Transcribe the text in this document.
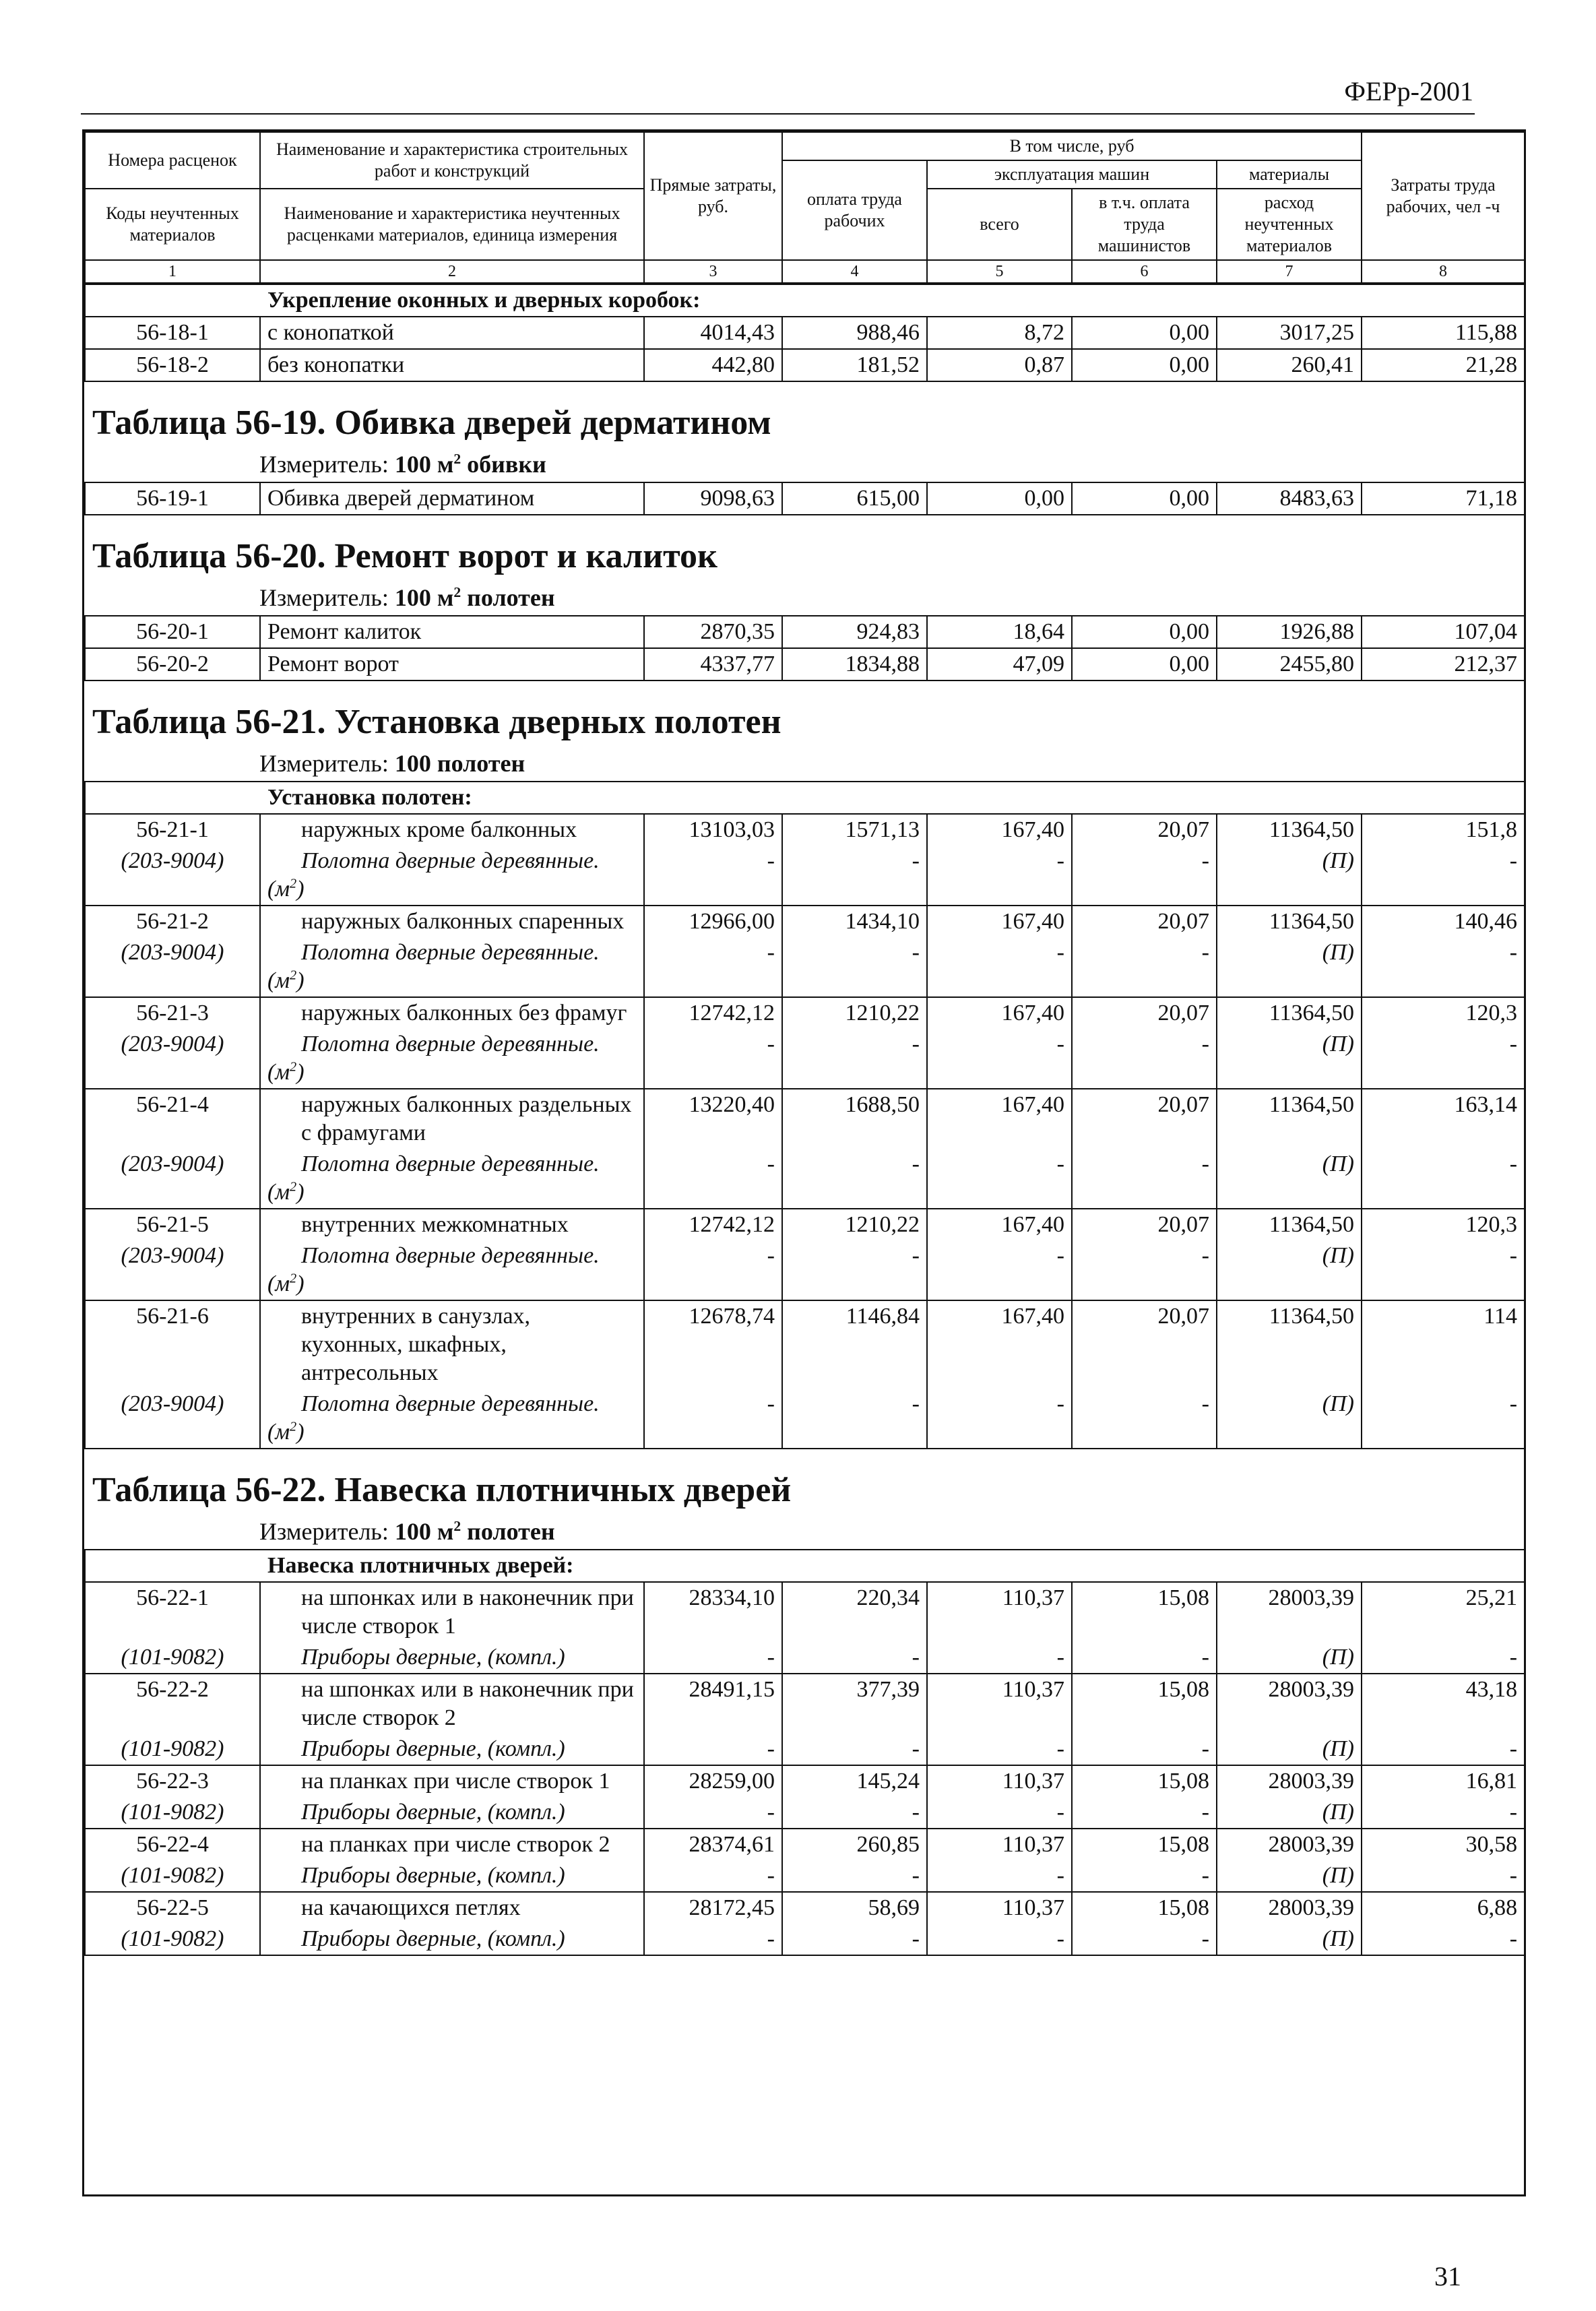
ФЕРр-2001
Номера расценок	Наименование и характеристика строительных работ и конструкций	Прямые затраты, руб.	В том числе, руб				Затраты труда рабочих, чел -ч
			оплата труда рабочих	эксплуатация машин		материалы	
Коды неучтенных материалов	Наименование и характеристика неучтенных расценками материалов, единица измерения			всего	в т.ч. оплата труда машинистов	расход неучтенных материалов	

1	2	3	4	5	6	7	8
Укрепление оконных и дверных коробок:							
56-18-1	с конопаткой	4014,43	988,46	8,72	0,00	3017,25	115,88
56-18-2	без конопатки	442,80	181,52	0,87	0,00	260,41	21,28
Таблица 56-19. Обивка дверей дерматином
Измеритель: 100 $м^2$ обивки
56-19-1	Обивка дверей дерматином	9098,63	615,00	0,00	0,00	8483,63	71,18
Таблица 56-20. Ремонт ворот и калиток
Измеритель: 100 $м^2$ полотен
56-20-1	Ремонт калиток	2870,35	924,83	18,64	0,00	1926,88	107,04
56-20-2	Ремонт ворот	4337,77	1834,88	47,09	0,00	2455,80	212,37
Таблица 56-21. Установка дверных полотен
Измеритель: 100 полотен
Установка полотен:							
56-21-1	наружных кроме балконных	13103,03	1571,13	167,40	20,07	11364,50	151,8
(203-9004)	Полотна дверные деревянные.
$(м^2)$	-	-	-	-	(П)	-
56-21-2	наружных балконных спаренных	12966,00	1434,10	167,40	20,07	11364,50	140,46
(203-9004)	Полотна дверные деревянные.
$(м^2)$	-	-	-	-	(П)	-
56-21-3	наружных балконных без фрамуг	12742,12	1210,22	167,40	20,07	11364,50	120,3
(203-9004)	Полотна дверные деревянные.
$(м^2)$	-	-	-	-	(П)	-
56-21-4	наружных балконных раздельных с фрамугами	13220,40	1688,50	167,40	20,07	11364,50	163,14
(203-9004)	Полотна дверные деревянные.
$(м^2)$	-	-	-	-	(П)	-
56-21-5	внутренних межкомнатных	12742,12	1210,22	167,40	20,07	11364,50	120,3
(203-9004)	Полотна дверные деревянные.
$(м^2)$	-	-	-	-	(П)	-
56-21-6	внутренних в санузлах, кухонных, шкафных, антресольных	12678,74	1146,84	167,40	20,07	11364,50	114
(203-9004)	Полотна дверные деревянные.
$(м^2)$	-	-	-	-	(П)	-
Таблица 56-22. Навеска плотничных дверей
Измеритель: 100 $м^2$ полотен
Навеска плотничных дверей:							
56-22-1	на шпонках или в наконечник при числе створок 1	28334,10	220,34	110,37	15,08	28003,39	25,21
(101-9082)	Приборы дверные, (компл.)	-	-	-	-	(П)	-
56-22-2	на шпонках или в наконечник при числе створок 2	28491,15	377,39	110,37	15,08	28003,39	43,18
(101-9082)	Приборы дверные, (компл.)	-	-	-	-	(П)	-
56-22-3	на планках при числе створок 1	28259,00	145,24	110,37	15,08	28003,39	16,81
(101-9082)	Приборы дверные, (компл.)	-	-	-	-	(П)	-
56-22-4	на планках при числе створок 2	28374,61	260,85	110,37	15,08	28003,39	30,58
(101-9082)	Приборы дверные, (компл.)	-	-	-	-	(П)	-
56-22-5	на качающихся петлях	28172,45	58,69	110,37	15,08	28003,39	6,88
(101-9082)	Приборы дверные, (компл.)	-	-	-	-	(П)	-
31
